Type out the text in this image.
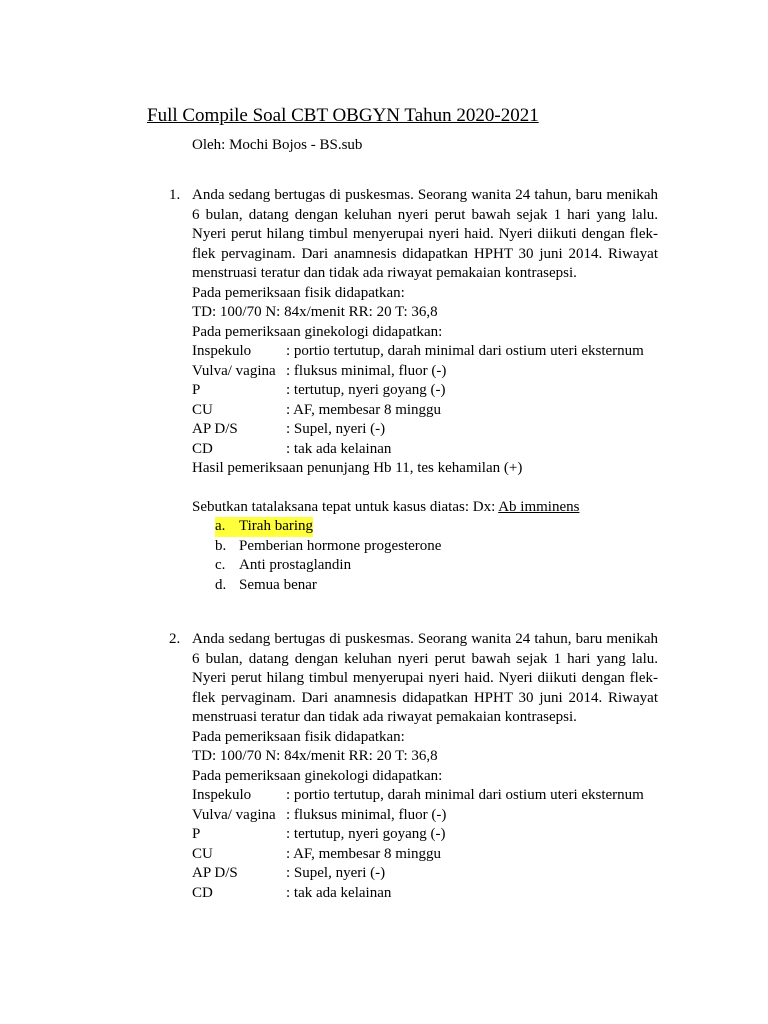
Full Compile Soal CBT OBGYN Tahun 2020-2021
Oleh: Mochi Bojos - BS.sub
1. Anda sedang bertugas di puskesmas. Seorang wanita 24 tahun, baru menikah 6 bulan, datang dengan keluhan nyeri perut bawah sejak 1 hari yang lalu. Nyeri perut hilang timbul menyerupai nyeri haid. Nyeri diikuti dengan flek-flek pervaginam. Dari anamnesis didapatkan HPHT 30 juni 2014. Riwayat menstruasi teratur dan tidak ada riwayat pemakaian kontrasepsi.

Pada pemeriksaan fisik didapatkan:

TD: 100/70 N: 84x/menit RR: 20 T: 36,8

Pada pemeriksaan ginekologi didapatkan:

Inspekulo	: portio tertutup, darah minimal dari ostium uteri eksternum
Vulva/ vagina : fluksus minimal, fluor (-)
P	: tertutup, nyeri goyang (-)
CU	: AF, membesar 8 minggu
AP D/S	: Supel, nyeri (-)
CD	: tak ada kelainan

Hasil pemeriksaan penunjang Hb 11, tes kehamilan (+)

Sebutkan tatalaksana tepat untuk kasus diatas: Dx: Ab imminens

a. Tirah baring
b. Pemberian hormone progesterone
c. Anti prostaglandin
d. Semua benar
2. Anda sedang bertugas di puskesmas. Seorang wanita 24 tahun, baru menikah 6 bulan, datang dengan keluhan nyeri perut bawah sejak 1 hari yang lalu. Nyeri perut hilang timbul menyerupai nyeri haid. Nyeri diikuti dengan flek-flek pervaginam. Dari anamnesis didapatkan HPHT 30 juni 2014. Riwayat menstruasi teratur dan tidak ada riwayat pemakaian kontrasepsi.

Pada pemeriksaan fisik didapatkan:

TD: 100/70 N: 84x/menit RR: 20 T: 36,8

Pada pemeriksaan ginekologi didapatkan:

Inspekulo	: portio tertutup, darah minimal dari ostium uteri eksternum
Vulva/ vagina : fluksus minimal, fluor (-)
P	: tertutup, nyeri goyang (-)
CU	: AF, membesar 8 minggu
AP D/S	: Supel, nyeri (-)
CD	: tak ada kelainan
